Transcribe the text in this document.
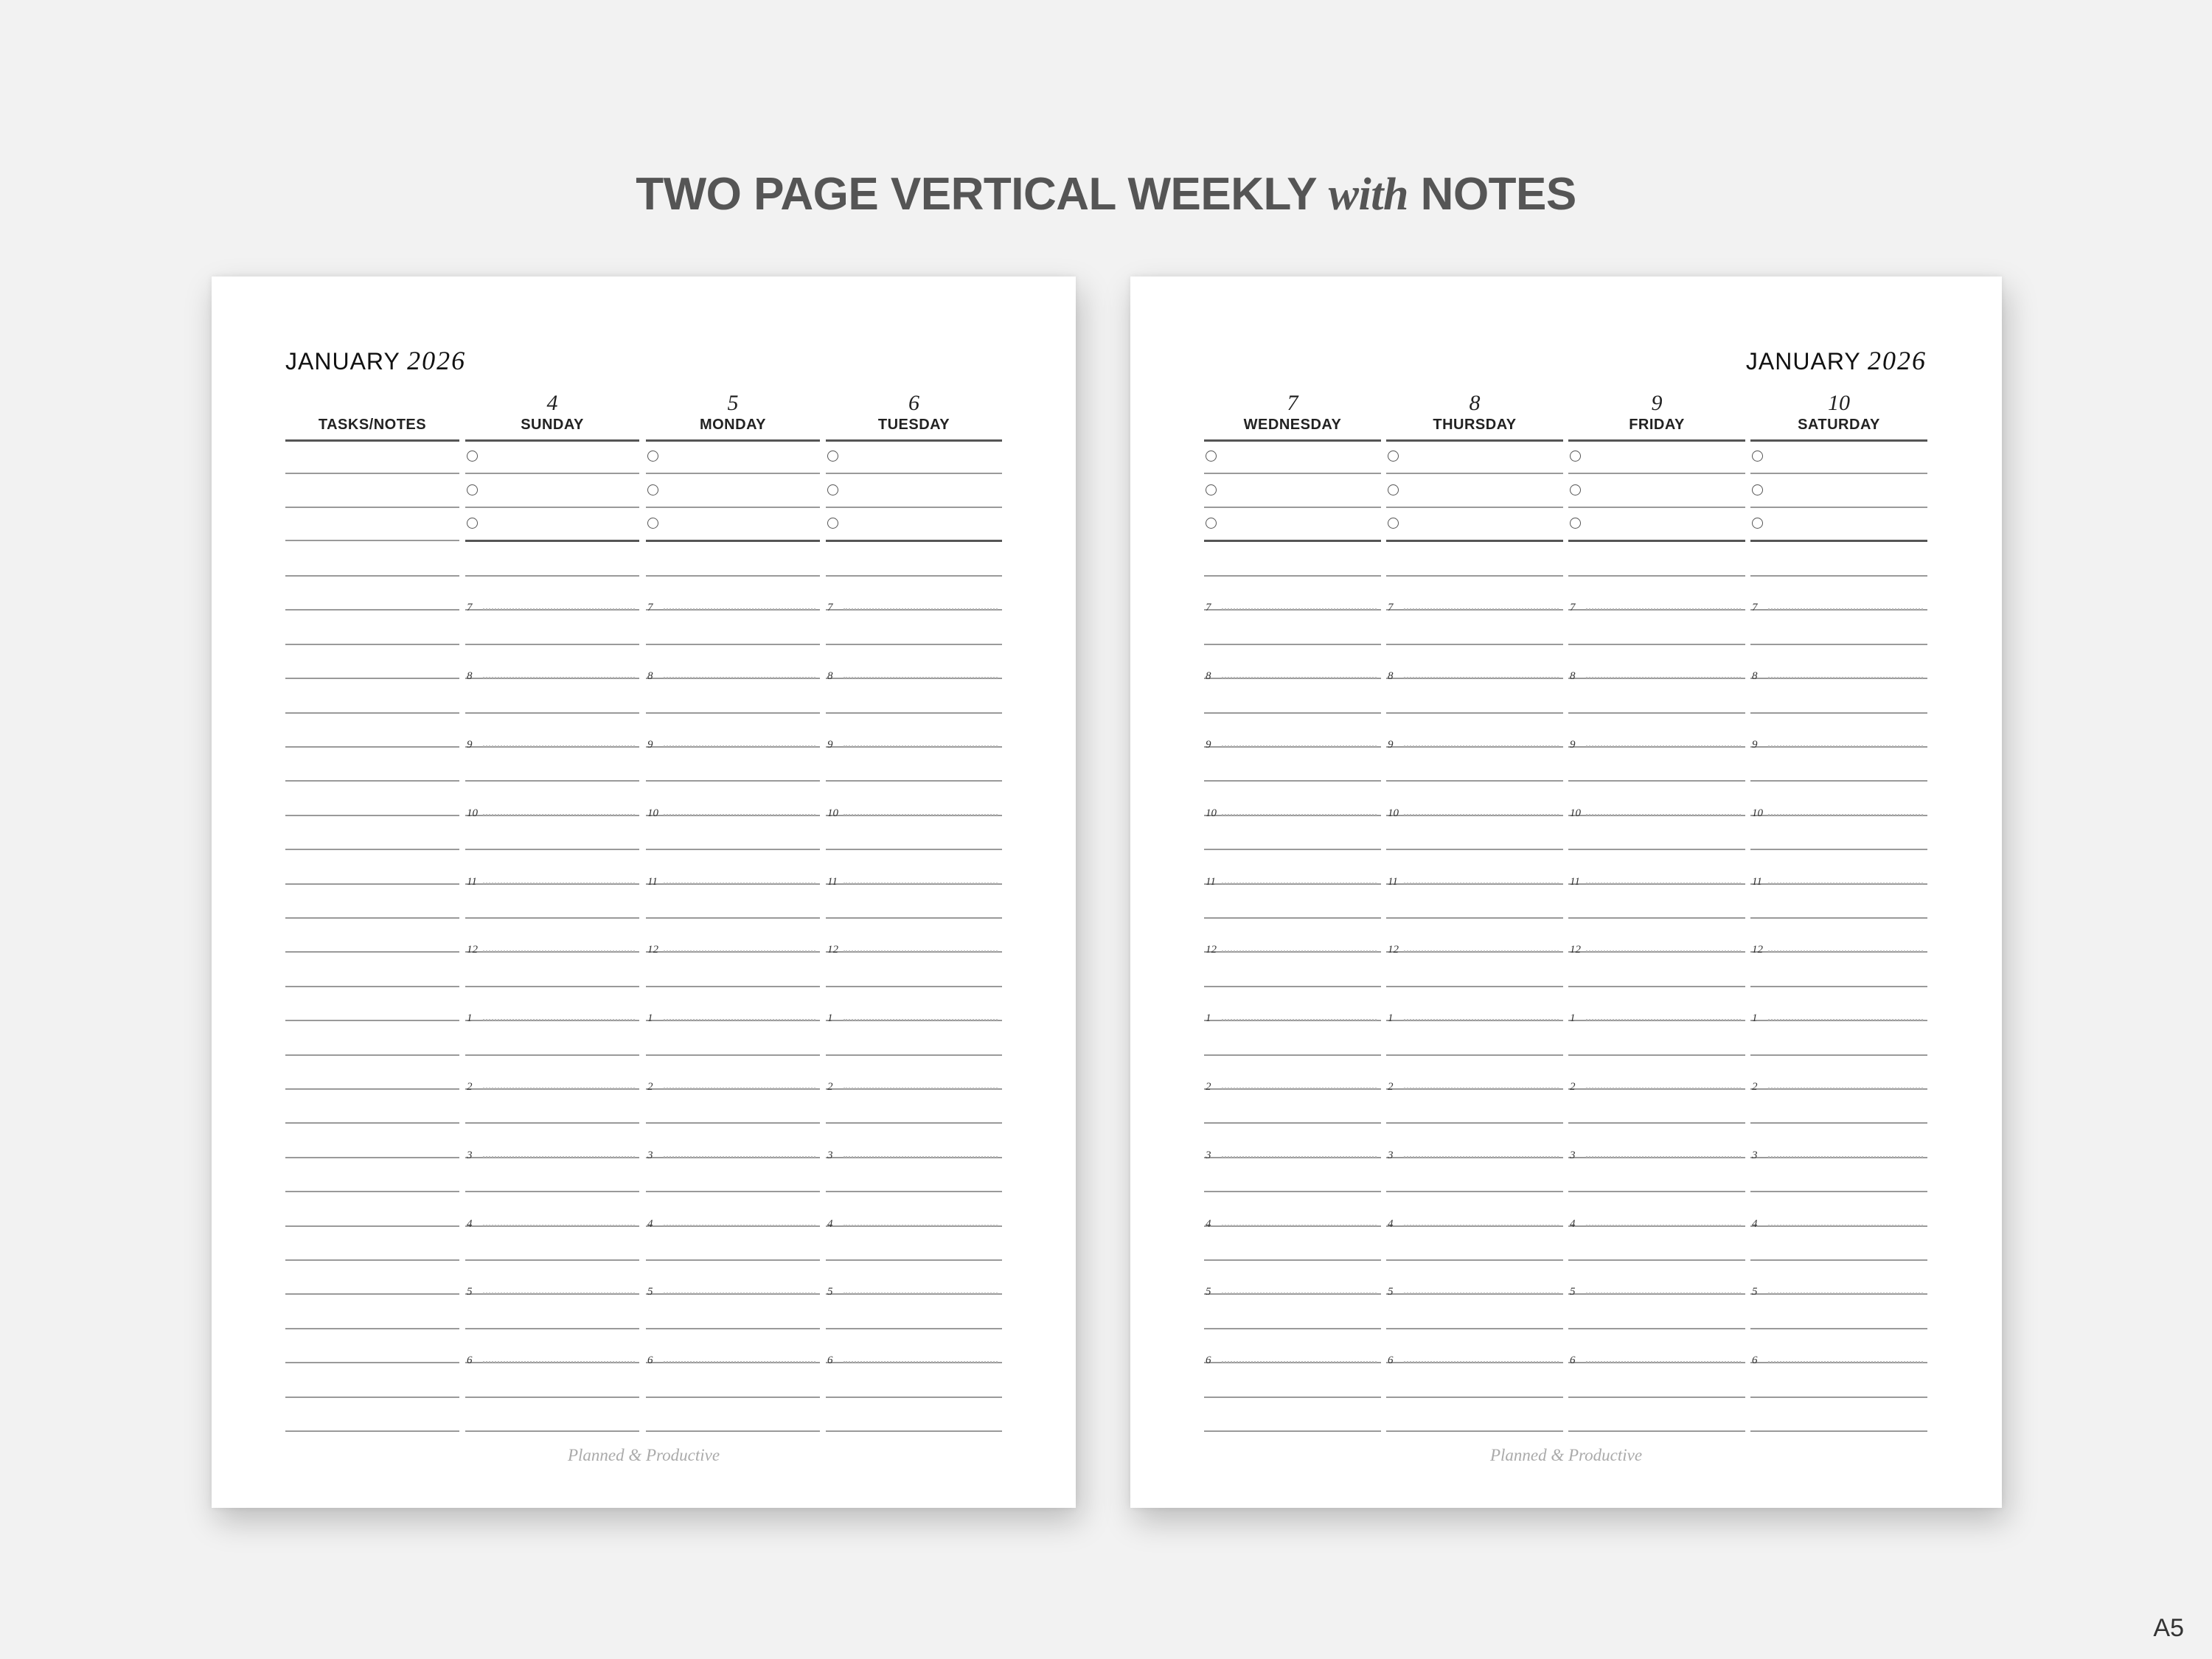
TWO PAGE VERTICAL WEEKLY with NOTES
JANUARY 2026
TASKS/NOTES
4
SUNDAY
7
8
9
10
11
12
1
2
3
4
5
6
5
MONDAY
7
8
9
10
11
12
1
2
3
4
5
6
6
TUESDAY
7
8
9
10
11
12
1
2
3
4
5
6
Planned & Productive
JANUARY 2026
7
WEDNESDAY
7
8
9
10
11
12
1
2
3
4
5
6
8
THURSDAY
7
8
9
10
11
12
1
2
3
4
5
6
9
FRIDAY
7
8
9
10
11
12
1
2
3
4
5
6
10
SATURDAY
7
8
9
10
11
12
1
2
3
4
5
6
Planned & Productive
A5
